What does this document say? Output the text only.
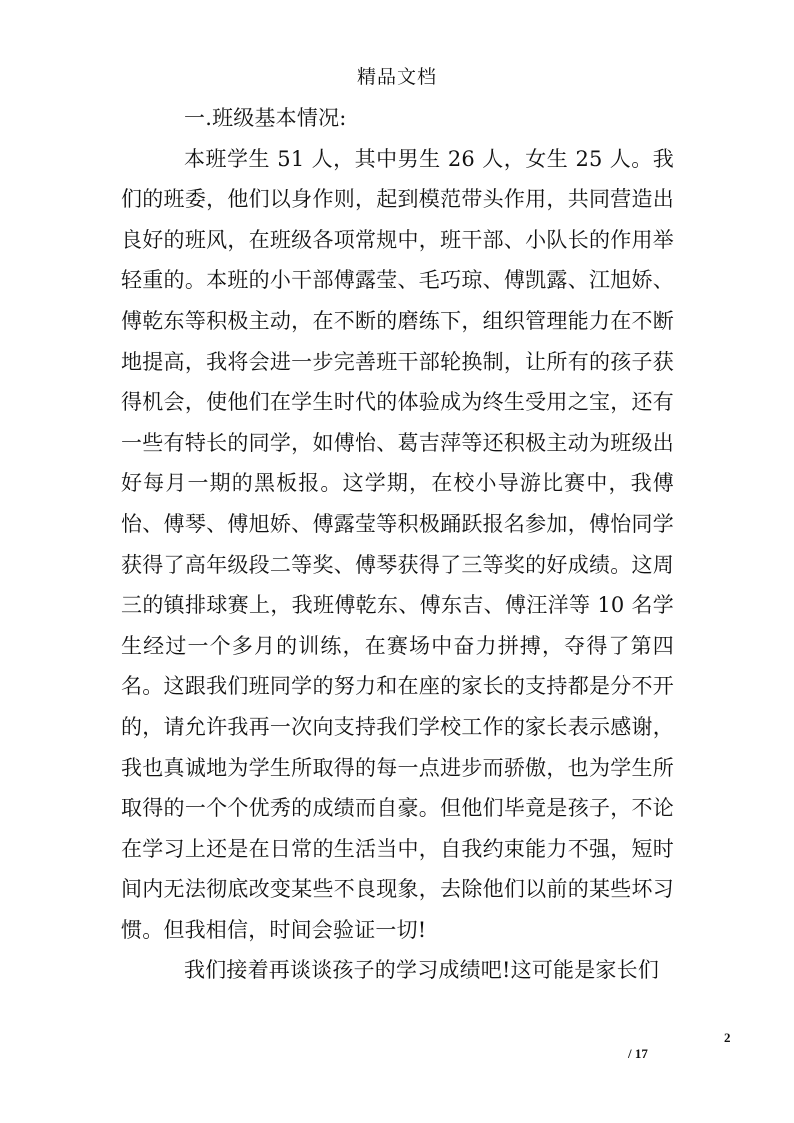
精品文档

一.班级基本情况:

本班学生 51 人，其中男生 26 人，女生 25 人。我们的班委，他们以身作则，起到模范带头作用，共同营造出良好的班风，在班级各项常规中，班干部、小队长的作用举轻重的。本班的小干部傅露莹、毛巧琼、傅凯露、江旭娇、傅乾东等积极主动，在不断的磨练下，组织管理能力在不断地提高，我将会进一步完善班干部轮换制，让所有的孩子获得机会，使他们在学生时代的体验成为终生受用之宝，还有一些有特长的同学，如傅怡、葛吉萍等还积极主动为班级出好每月一期的黑板报。这学期，在校小导游比赛中，我傅怡、傅琴、傅旭娇、傅露莹等积极踊跃报名参加，傅怡同学获得了高年级段二等奖、傅琴获得了三等奖的好成绩。这周三的镇排球赛上，我班傅乾东、傅东吉、傅汪洋等 10 名学生经过一个多月的训练，在赛场中奋力拼搏，夺得了第四名。这跟我们班同学的努力和在座的家长的支持都是分不开的，请允许我再一次向支持我们学校工作的家长表示感谢，我也真诚地为学生所取得的每一点进步而骄傲，也为学生所取得的一个个优秀的成绩而自豪。但他们毕竟是孩子，不论在学习上还是在日常的生活当中，自我约束能力不强，短时间内无法彻底改变某些不良现象，去除他们以前的某些坏习惯。但我相信，时间会验证一切!

我们接着再谈谈孩子的学习成绩吧!这可能是家长们

2
/ 17
